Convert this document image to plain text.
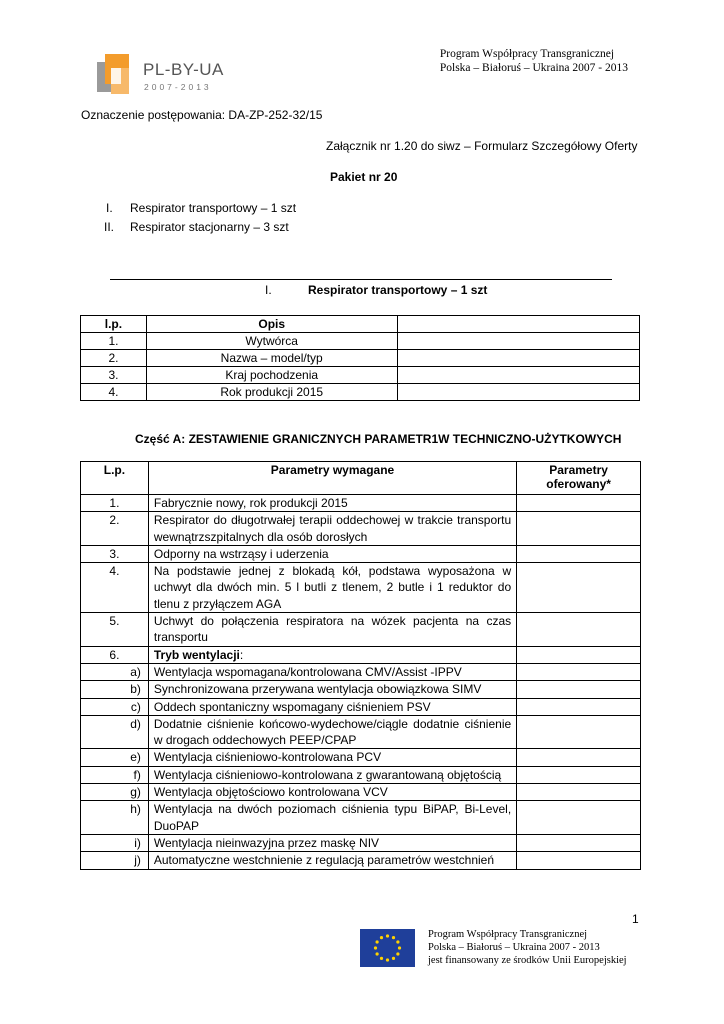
PL-BY-UA
2007-2013
Program Współpracy Transgranicznej
Polska – Białoruś – Ukraina 2007 - 2013
Oznaczenie postępowania: DA-ZP-252-32/15
Załącznik nr 1.20 do siwz – Formularz Szczegółowy Oferty
Pakiet nr 20
I. Respirator transportowy – 1 szt
II. Respirator stacjonarny – 3 szt
I.	Respirator transportowy – 1 szt
l.p.	Opis	
1.	Wytwórca	
2.	Nazwa – model/typ	
3.	Kraj pochodzenia	
4.	Rok produkcji 2015	
Część A: ZESTAWIENIE GRANICZNYCH PARAMETR1W TECHNICZNO-UŻYTKOWYCH
L.p.	Parametry wymagane	Parametry oferowany*
1.	Fabrycznie nowy, rok produkcji 2015	
2.	Respirator do długotrwałej terapii oddechowej w trakcie transportu wewnątrzszpitalnych dla osób dorosłych	
3.	Odporny na wstrząsy i uderzenia	
4.	Na podstawie jednej z blokadą kół, podstawa wyposażona w uchwyt dla dwóch min. 5 l butli z tlenem, 2 butle i 1 reduktor do tlenu z przyłączem AGA	
5.	Uchwyt do połączenia respiratora na wózek pacjenta na czas transportu	
6.	Tryb wentylacji:	
a)	Wentylacja wspomagana/kontrolowana CMV/Assist -IPPV	
b)	Synchronizowana przerywana wentylacja obowiązkowa SIMV	
c)	Oddech spontaniczny wspomagany ciśnieniem PSV	
d)	Dodatnie ciśnienie końcowo-wydechowe/ciągle dodatnie ciśnienie w drogach oddechowych PEEP/CPAP	
e)	Wentylacja ciśnieniowo-kontrolowana PCV	
f)	Wentylacja ciśnieniowo-kontrolowana z gwarantowaną objętością	
g)	Wentylacja objętościowo kontrolowana VCV	
h)	Wentylacja na dwóch poziomach ciśnienia typu BiPAP, Bi-Level, DuoPAP	
i)	Wentylacja nieinwazyjna przez maskę NIV	
j)	Automatyczne westchnienie z regulacją parametrów westchnień	
1
Program Współpracy Transgranicznej
Polska – Białoruś – Ukraina 2007 - 2013
jest finansowany ze środków Unii Europejskiej
